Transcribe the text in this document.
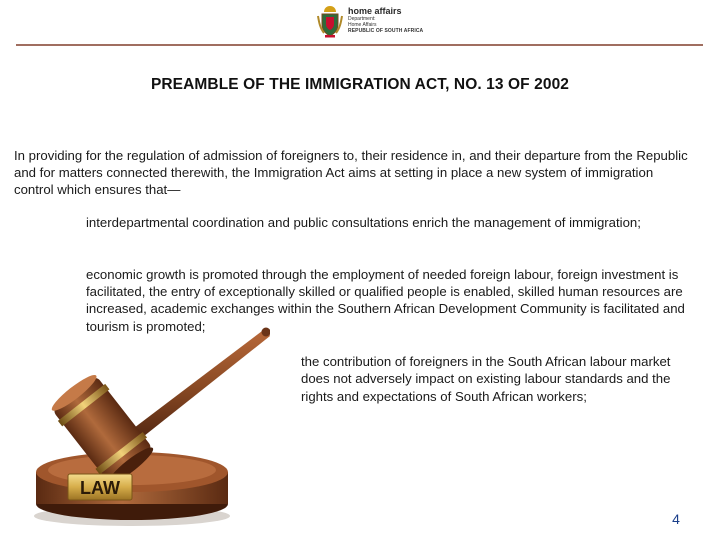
home affairs
Department:
Home Affairs
REPUBLIC OF SOUTH AFRICA
PREAMBLE OF THE IMMIGRATION ACT, NO. 13 OF 2002
In providing for the regulation of admission of foreigners to, their residence in, and their departure from the Republic and for matters connected therewith, the Immigration Act aims at setting in place a new system of immigration control which ensures that—
interdepartmental coordination and public consultations enrich the management of immigration;
economic growth is promoted through the employment of needed foreign labour, foreign investment is facilitated, the entry of exceptionally skilled or qualified people is enabled, skilled human resources are increased, academic exchanges within the Southern African Development Community is facilitated and tourism is promoted;
the contribution of foreigners in the South African labour market does not adversely impact on existing labour standards and the rights and expectations of South African workers;
LAW
4
